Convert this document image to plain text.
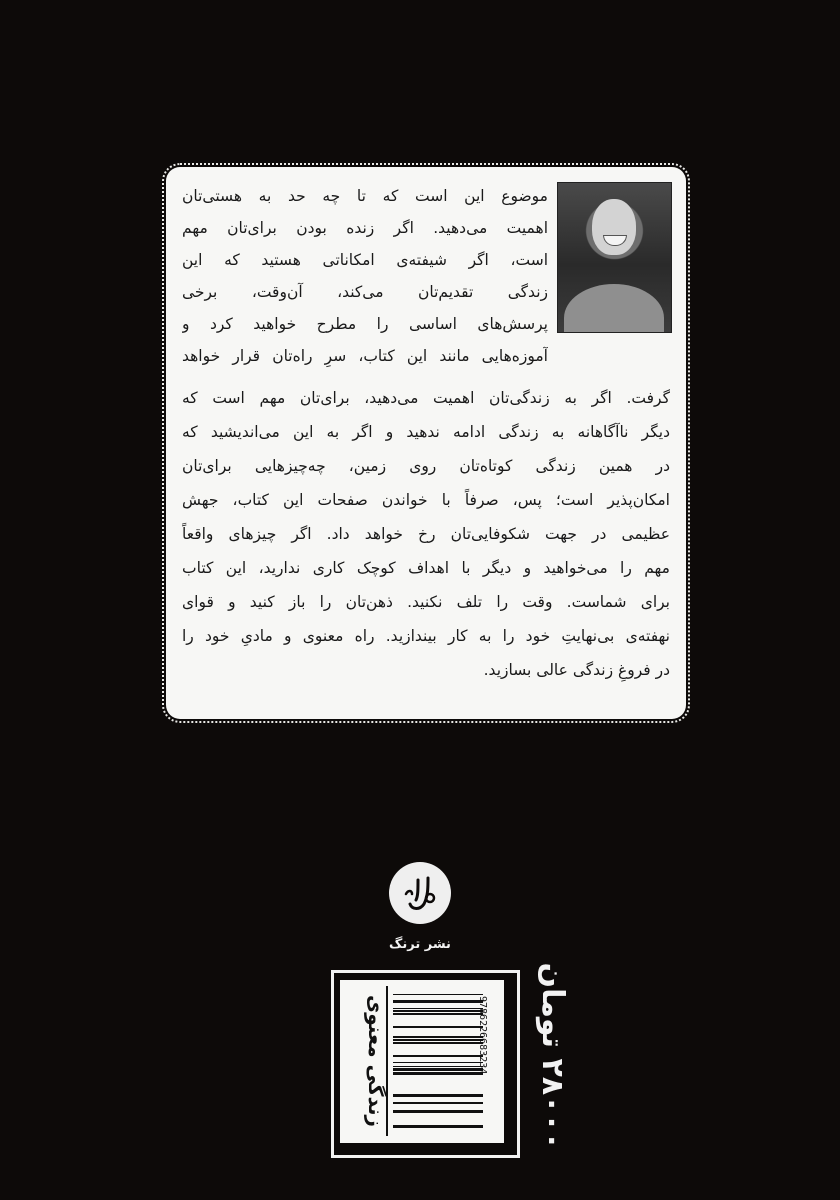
موضوع این است که تا چه حد به هستی‌تان

اهمیت می‌دهید. اگر زنده بودن برای‌تان مهم

است، اگر شیفته‌ی امکاناتی هستید که این

زندگی تقدیم‌تان می‌کند، آن‌وقت، برخی

پرسش‌های اساسی را مطرح خواهید کرد و

آموزه‌هایی مانند این کتاب، سرِ راه‌تان قرار خواهد

گرفت. اگر به زندگی‌تان اهمیت می‌دهید، برای‌تان مهم است که

دیگر ناآگاهانه به زندگی ادامه ندهید و اگر به این می‌اندیشید که

در همین زندگی کوتاه‌تان روی زمین، چه‌چیزهایی برای‌تان

امکان‌پذیر است؛ پس، صرفاً با خواندن صفحات این کتاب، جهش

عظیمی در جهت شکوفایی‌تان رخ خواهد داد. اگر چیزهای واقعاً

مهم را می‌خواهید و دیگر با اهداف کوچک کاری ندارید، این کتاب

برای شماست. وقت را تلف نکنید. ذهن‌تان را باز کنید و قوای

نهفته‌ی بی‌نهایتِ خود را به کار بیندازید. راه معنوی و مادیِ خود را

در فروغِ زندگی عالی بسازید.

نشر ترنگ
9786226683234
زندگی معنوی	۲۸۰۰۰ تومان
